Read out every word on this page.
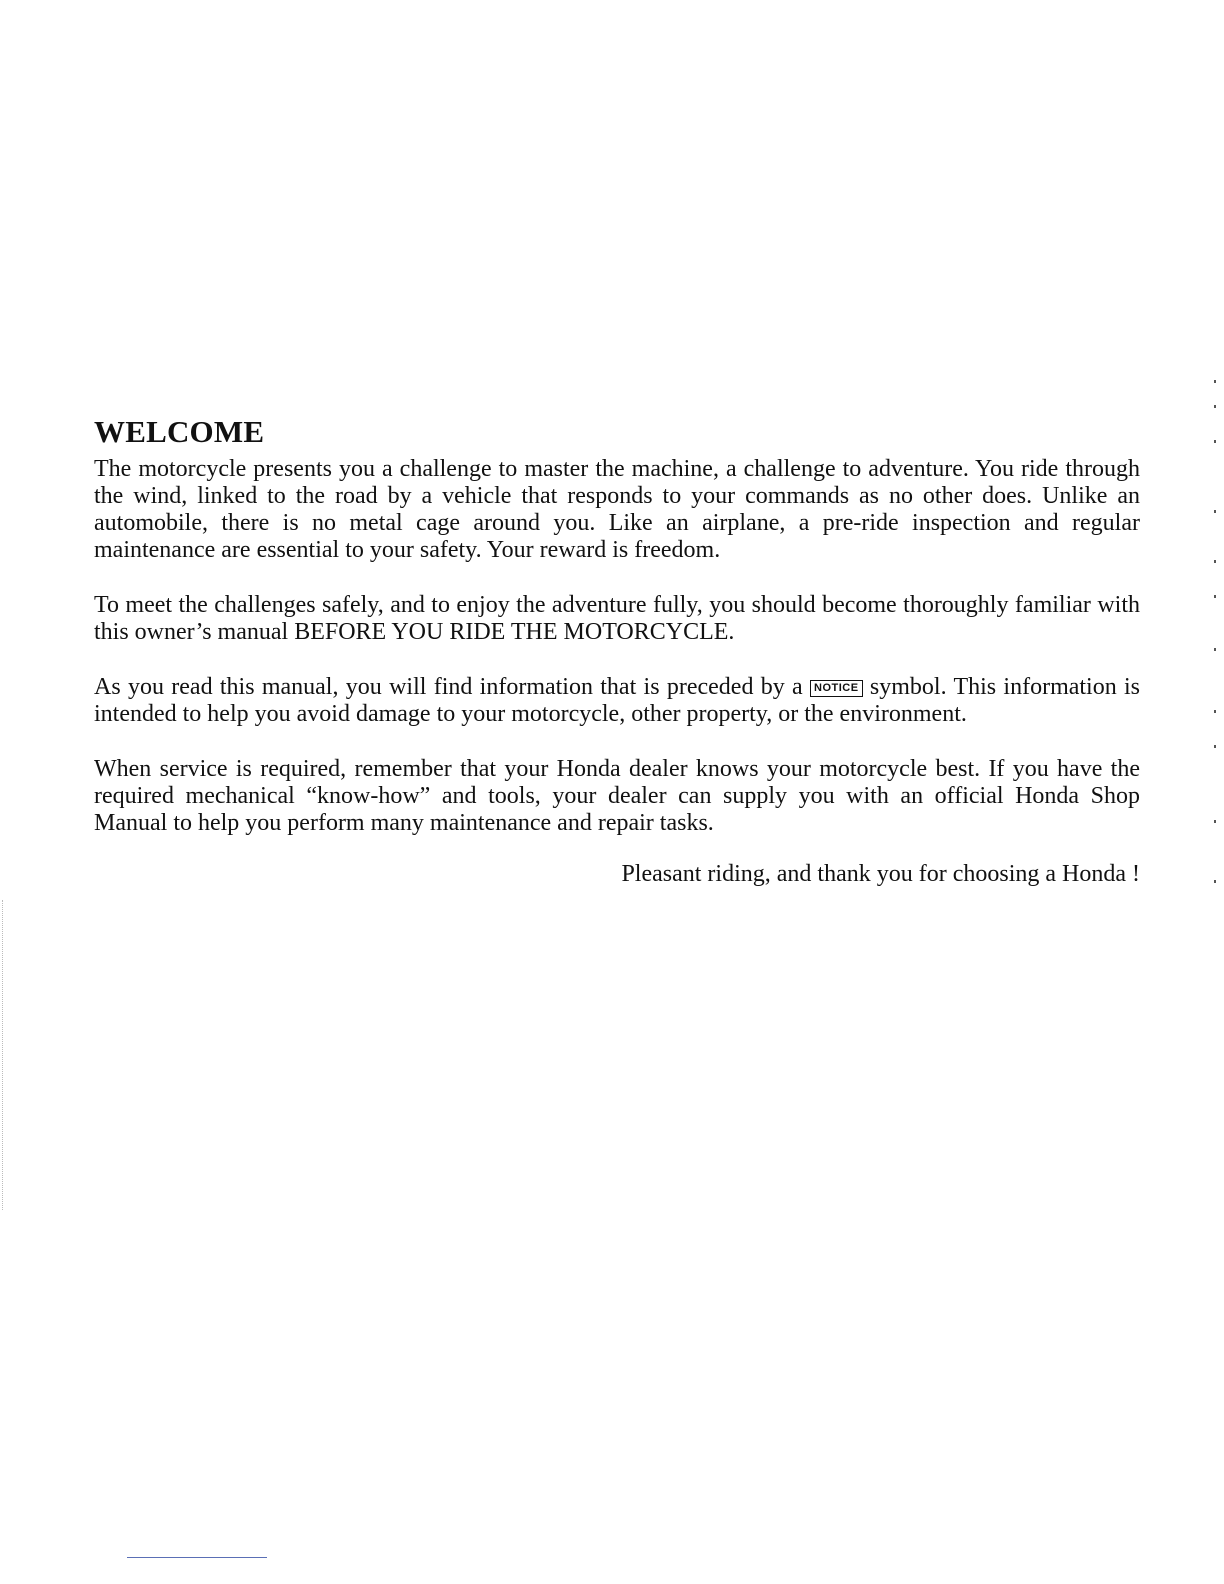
WELCOME

The motorcycle presents you a challenge to master the machine, a challenge to adventure. You ride through the wind, linked to the road by a vehicle that responds to your commands as no other does. Unlike an automobile, there is no metal cage around you. Like an airplane, a pre-ride inspection and regular maintenance are essential to your safety. Your reward is freedom.

To meet the challenges safely, and to enjoy the adventure fully, you should become thoroughly familiar with this owner’s manual BEFORE YOU RIDE THE MOTORCYCLE.

As you read this manual, you will find information that is preceded by a NOTICE symbol. This information is intended to help you avoid damage to your motorcycle, other property, or the environment.

When service is required, remember that your Honda dealer knows your motorcycle best. If you have the required mechanical “know-how” and tools, your dealer can supply you with an official Honda Shop Manual to help you perform many maintenance and repair tasks.

Pleasant riding, and thank you for choosing a Honda !
